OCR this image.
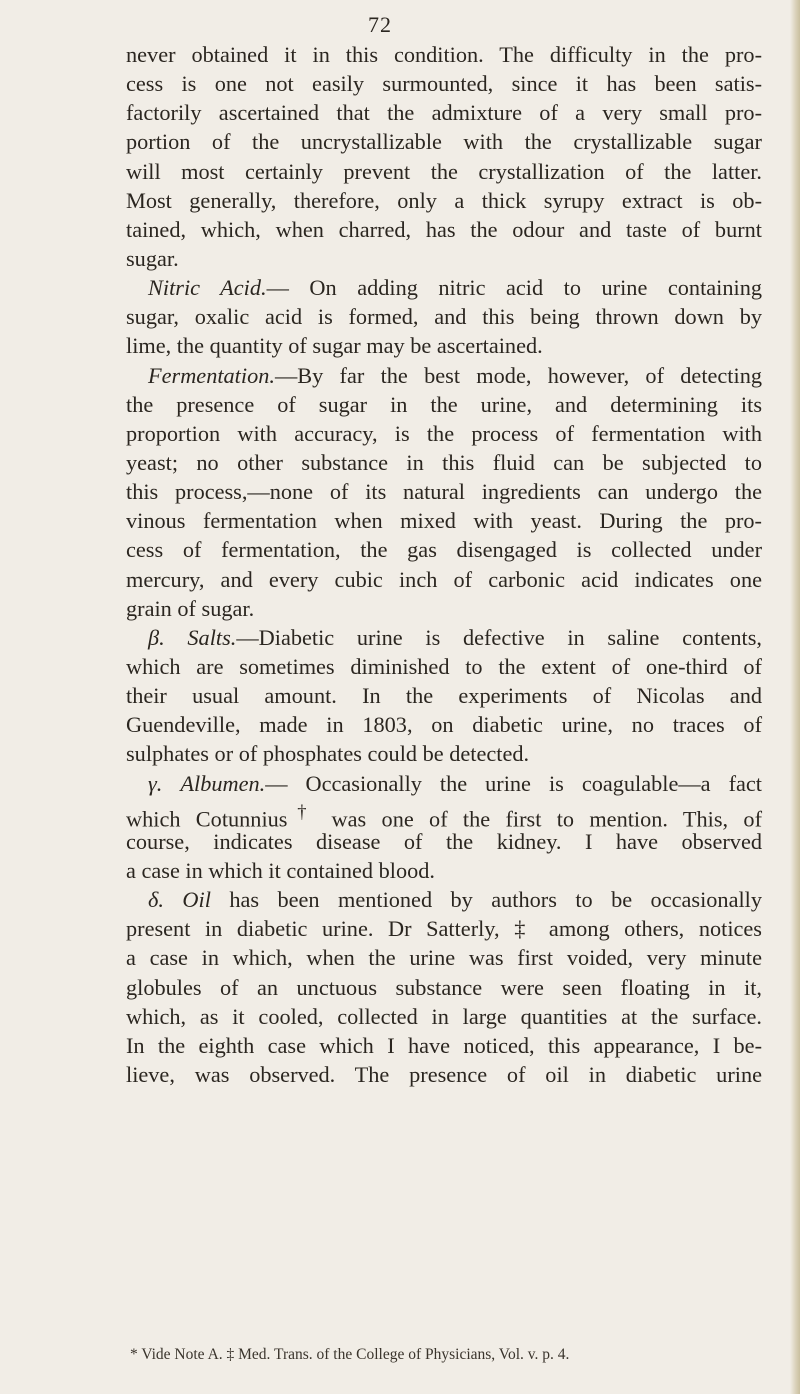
72
never obtained it in this condition. The difficulty in the pro-
cess is one not easily surmounted, since it has been satis-
factorily ascertained that the admixture of a very small pro-
portion of the uncrystallizable with the crystallizable sugar
will most certainly prevent the crystallization of the latter.
Most generally, therefore, only a thick syrupy extract is ob-
tained, which, when charred, has the odour and taste of burnt
sugar.
Nitric Acid.— On adding nitric acid to urine containing
sugar, oxalic acid is formed, and this being thrown down by
lime, the quantity of sugar may be ascertained.
Fermentation.—By far the best mode, however, of detecting
the presence of sugar in the urine, and determining its
proportion with accuracy, is the process of fermentation with
yeast; no other substance in this fluid can be subjected to
this process,—none of its natural ingredients can undergo the
vinous fermentation when mixed with yeast. During the pro-
cess of fermentation, the gas disengaged is collected under
mercury, and every cubic inch of carbonic acid indicates one
grain of sugar.
β. Salts.—Diabetic urine is defective in saline contents,
which are sometimes diminished to the extent of one-third of
their usual amount. In the experiments of Nicolas and
Guendeville, made in 1803, on diabetic urine, no traces of
sulphates or of phosphates could be detected.
γ. Albumen.— Occasionally the urine is coagulable—a fact
which Cotunnius† was one of the first to mention. This, of
course, indicates disease of the kidney. I have observed
a case in which it contained blood.
δ. Oil has been mentioned by authors to be occasionally
present in diabetic urine. Dr Satterly, ‡ among others, notices
a case in which, when the urine was first voided, very minute
globules of an unctuous substance were seen floating in it,
which, as it cooled, collected in large quantities at the surface.
In the eighth case which I have noticed, this appearance, I be-
lieve, was observed. The presence of oil in diabetic urine
* Vide Note A. ‡ Med. Trans. of the College of Physicians, Vol. v. p. 4.
